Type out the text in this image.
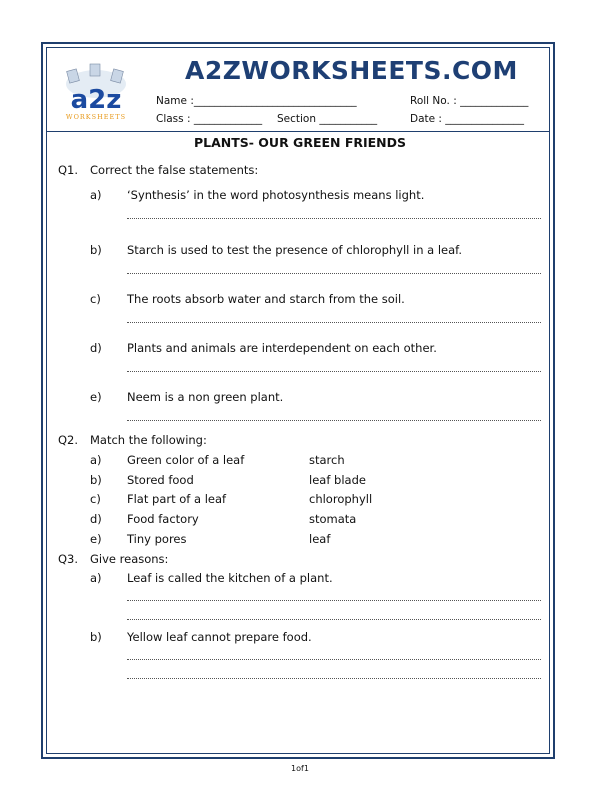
a2z
WORKSHEETS
A2ZWORKSHEETS.COM
Name :_______________________________	Roll No. : _____________
Class : _____________ Section ___________	Date : _______________
PLANTS- OUR GREEN FRIENDS
Q1. Correct the false statements:
a) ‘Synthesis’ in the word photosynthesis means light.
b) Starch is used to test the presence of chlorophyll in a leaf.
c) The roots absorb water and starch from the soil.
d) Plants and animals are interdependent on each other.
e) Neem is a non green plant.
Q2. Match the following:
a) Green color of a leaf	starch
b) Stored food	leaf blade
c) Flat part of a leaf	chlorophyll
d) Food factory	stomata
e) Tiny pores	leaf
Q3. Give reasons:
a) Leaf is called the kitchen of a plant.
b) Yellow leaf cannot prepare food.
1of1
